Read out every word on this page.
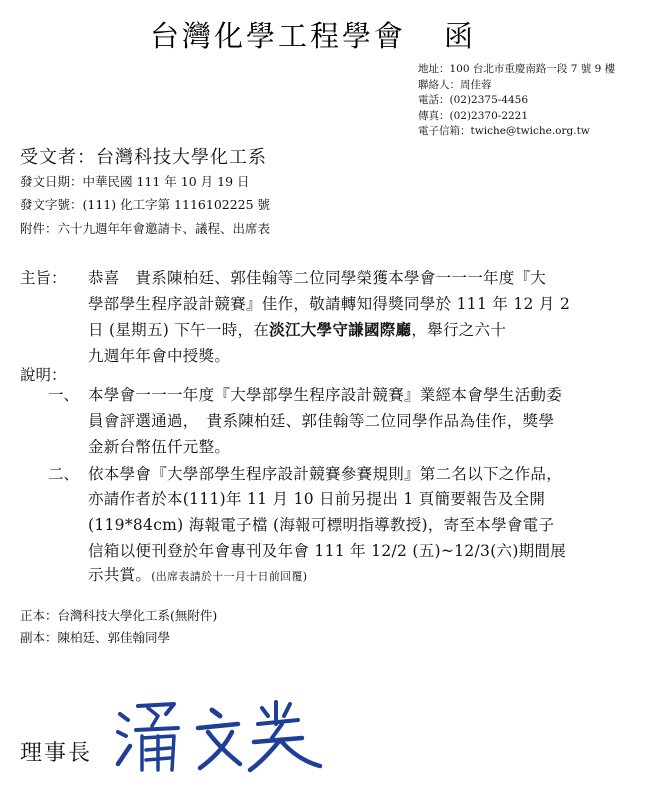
台灣化學工程學會 函
地址：100 台北市重慶南路一段 7 號 9 樓
聯絡人：周佳蓉
電話：(02)2375-4456
傳真：(02)2370-2221
電子信箱：twiche@twiche.org.tw
受文者：台灣科技大學化工系
發文日期：中華民國 111 年 10 月 19 日
發文字號：(111) 化工字第 1116102225 號
附件：六十九週年年會邀請卡、議程、出席表
主旨： 恭喜　貴系陳柏廷、郭佳翰等二位同學榮獲本學會一一一年度『大
學部學生程序設計競賽』佳作，敬請轉知得獎同學於 111 年 12 月 2
日 (星期五) 下午一時，在淡江大學守謙國際廳，舉行之六十
九週年年會中授獎。
說明：
一、 本學會一一一年度『大學部學生程序設計競賽』業經本會學生活動委
員會評選通過，　貴系陳柏廷、郭佳翰等二位同學作品為佳作，獎學
金新台幣伍仟元整。
二、 依本學會『大學部學生程序設計競賽參賽規則』第二名以下之作品，
亦請作者於本(111)年 11 月 10 日前另提出 1 頁簡要報告及全開
(119*84cm) 海報電子檔 (海報可標明指導教授)，寄至本學會電子
信箱以便刊登於年會專刊及年會 111 年 12/2 (五)~12/3(六)期間展
示共賞。(出席表請於十一月十日前回覆)
正本：台灣科技大學化工系(無附件)
副本：陳柏廷、郭佳翰同學
理事長
